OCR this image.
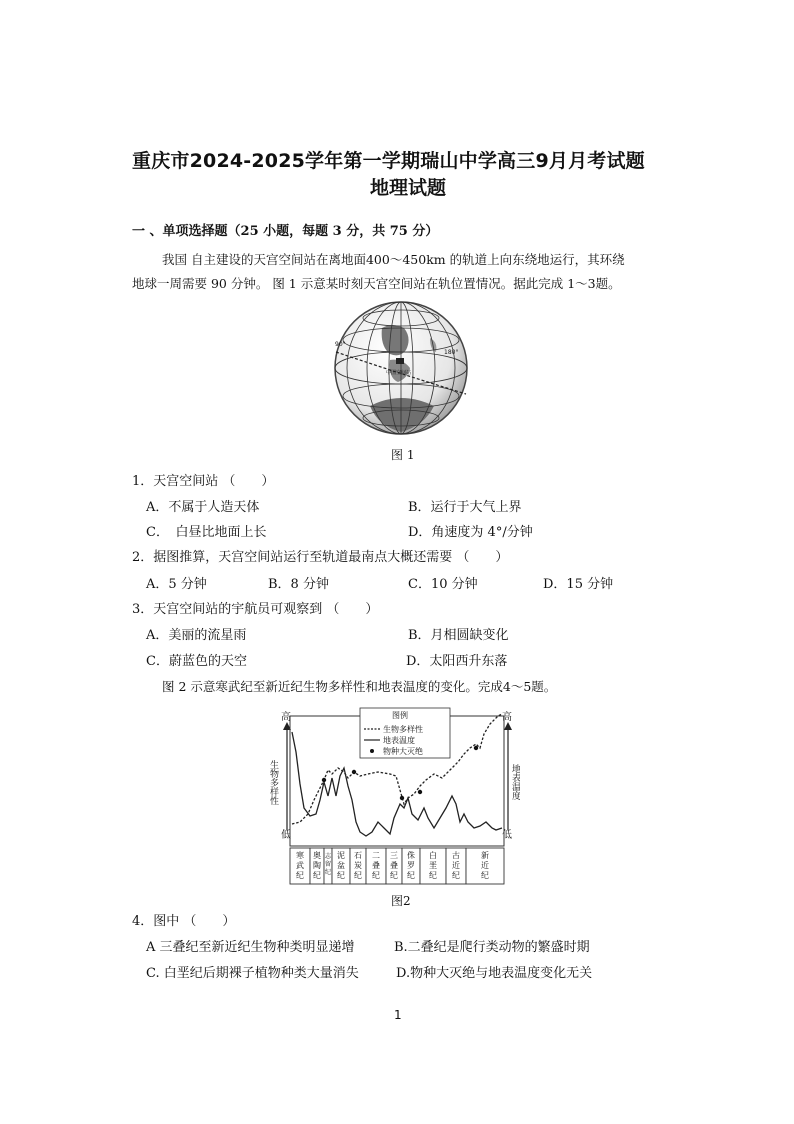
重庆市2024-2025学年第一学期瑞山中学高三9月月考试题
地理试题
一 、单项选择题（25 小题，每题 3 分，共 75 分）
我国 自主建设的天宫空间站在离地面400～450km 的轨道上向东绕地运行，其环绕
地球一周需要 90 分钟。 图 1 示意某时刻天宫空间站在轨位置情况。据此完成 1～3题。
90°
180°
中国空间站
图 1
1．天宫空间站 （　　）
A．不属于人造天体	B．运行于大气上界
C．　白昼比地面上长	D．角速度为 4°/分钟
2．据图推算，天宫空间站运行至轨道最南点大概还需要 （　　）
A．5 分钟	B．8 分钟	C．10 分钟	D．15 分钟
3．天宫空间站的宇航员可观察到 （　　）
A．美丽的流星雨	B．月相圆缺变化
C．蔚蓝色的天空	D．太阳西升东落
图 2 示意寒武纪至新近纪生物多样性和地表温度的变化。完成4～5题。
高
低
高
低
生物多样性	地表温度
图例
生物多样性
地表温度
物种大灭绝
寒
武
纪
奥
陶
纪
志
留
纪
泥
盆
纪
石
炭
纪
二
叠
纪
三
叠
纪
侏
罗
纪
白
垩
纪
古
近
纪
新
近
纪
图2
4．图中 （　　）
A 三叠纪至新近纪生物种类明显递增	B.二叠纪是爬行类动物的繁盛时期
C. 白垩纪后期裸子植物种类大量消失	D.物种大灭绝与地表温度变化无关
1
